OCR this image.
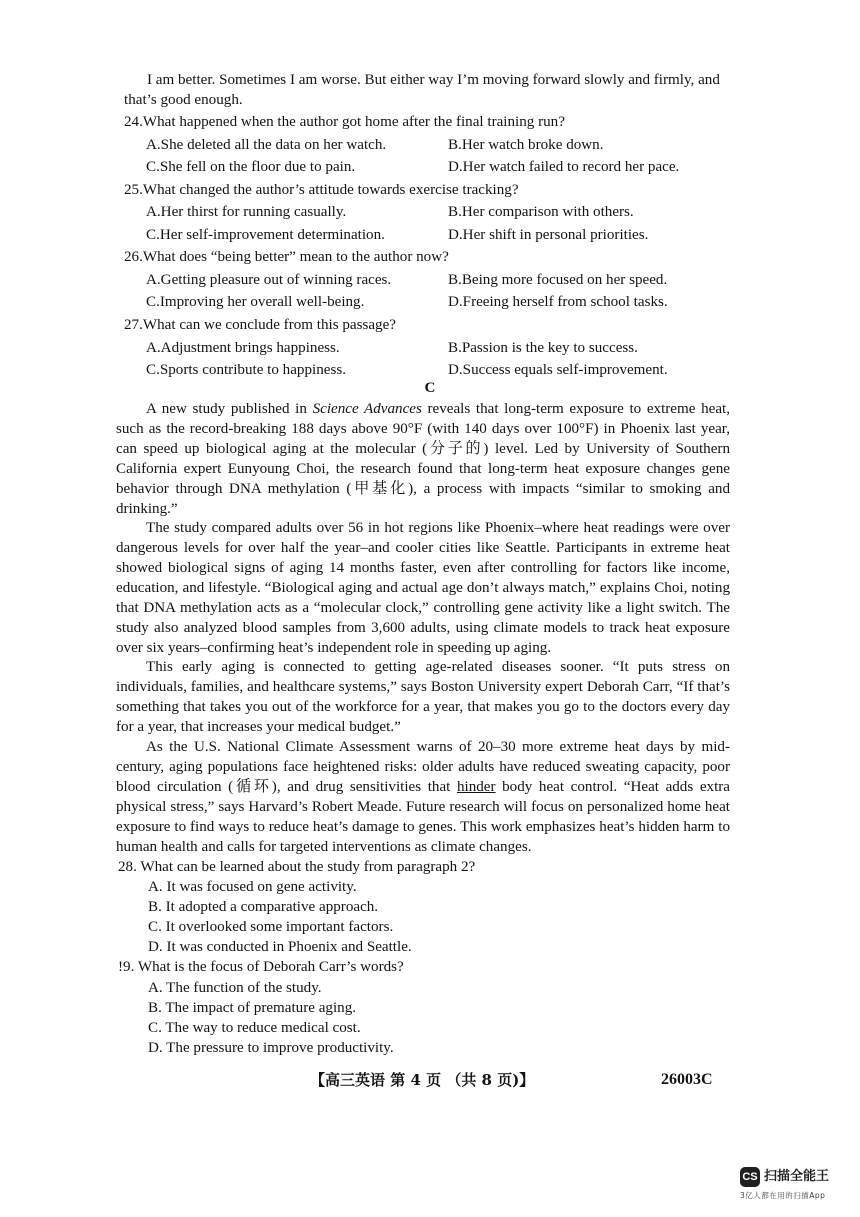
I am better. Sometimes I am worse. But either way I’m moving forward slowly and firmly, and
that’s good enough.
24.What happened when the author got home after the final training run?
A.She deleted all the data on her watch.	B.Her watch broke down.
C.She fell on the floor due to pain.	D.Her watch failed to record her pace.
25.What changed the author’s attitude towards exercise tracking?
A.Her thirst for running casually.	B.Her comparison with others.
C.Her self-improvement determination.	D.Her shift in personal priorities.
26.What does “being better” mean to the author now?
A.Getting pleasure out of winning races.	B.Being more focused on her speed.
C.Improving her overall well-being.	D.Freeing herself from school tasks.
27.What can we conclude from this passage?
A.Adjustment brings happiness.	B.Passion is the key to success.
C.Sports contribute to happiness.	D.Success equals self-improvement.
C

A new study published in Science Advances reveals that long-term exposure to extreme heat, such as the record-breaking 188 days above 90°F (with 140 days over 100°F) in Phoenix last year, can speed up biological aging at the molecular (分子的) level. Led by University of Southern California expert Eunyoung Choi, the research found that long-term heat exposure changes gene behavior through DNA methylation (甲基化), a process with impacts “similar to smoking and drinking.”

The study compared adults over 56 in hot regions like Phoenix–where heat readings were over dangerous levels for over half the year–and cooler cities like Seattle. Participants in extreme heat showed biological signs of aging 14 months faster, even after controlling for factors like income, education, and lifestyle. “Biological aging and actual age don’t always match,” explains Choi, noting that DNA methylation acts as a “molecular clock,” controlling gene activity like a light switch. The study also analyzed blood samples from 3,600 adults, using climate models to track heat exposure over six years–confirming heat’s independent role in speeding up aging.

This early aging is connected to getting age-related diseases sooner. “It puts stress on individuals, families, and healthcare systems,” says Boston University expert Deborah Carr, “If that’s something that takes you out of the workforce for a year, that makes you go to the doctors every day for a year, that increases your medical budget.”

As the U.S. National Climate Assessment warns of 20–30 more extreme heat days by mid-century, aging populations face heightened risks: older adults have reduced sweating capacity, poor blood circulation (循环), and drug sensitivities that hinder body heat control. “Heat adds extra physical stress,” says Harvard’s Robert Meade. Future research will focus on personalized home heat exposure to find ways to reduce heat’s damage to genes. This work emphasizes heat’s hidden harm to human health and calls for targeted interventions as climate changes.

28. What can be learned about the study from paragraph 2?
A. It was focused on gene activity.
B. It adopted a comparative approach.
C. It overlooked some important factors.
D. It was conducted in Phoenix and Seattle.
!9. What is the focus of Deborah Carr’s words?
A. The function of the study.
B. The impact of premature aging.
C. The way to reduce medical cost.
D. The pressure to improve productivity.
【高三英语 第 4 页 （共 8 页)】	26003C
CS 扫描全能王
3亿人都在用的扫描App
